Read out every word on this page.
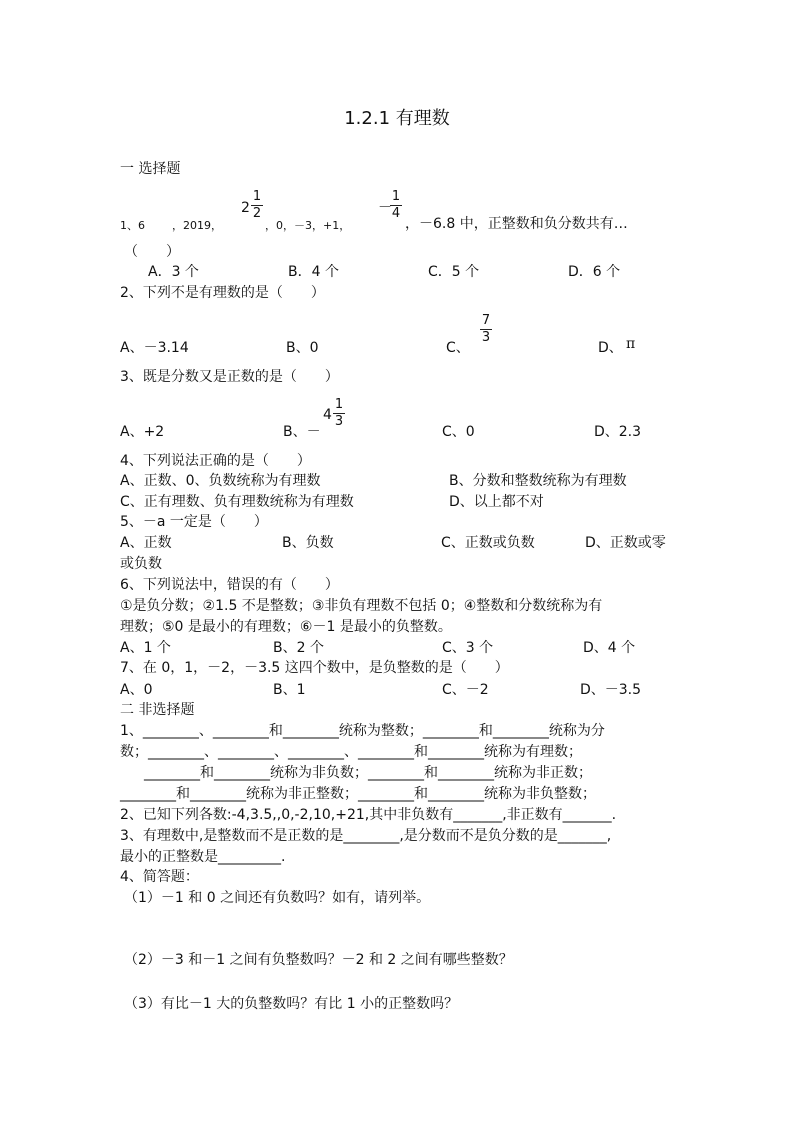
1.2.1 有理数
一 选择题
1、6 ，2019，
2
1
2
，0，－3，+1，
－
1
4
，－6.8 中，正整数和负分数共有…
（　　）
A．3 个	B．4 个	C．5 个	D．6 个
2、下列不是有理数的是（　　）
A、－3.14	B、0	C、
7
3
D、 π
3、既是分数又是正数的是（　　）
A、+2	B、－
4
1
3
C、0	D、2.3
4、下列说法正确的是（　　）
A、正数、0、负数统称为有理数	B、分数和整数统称为有理数
C、正有理数、负有理数统称为有理数	D、以上都不对
5、－a 一定是（　　）
A、正数	B、负数	C、正数或负数	D、正数或零
或负数
6、下列说法中，错误的有（　　）
①是负分数；②1.5 不是整数；③非负有理数不包括 0；④整数和分数统称为有
理数；⑤0 是最小的有理数；⑥－1 是最小的负整数。
A、1 个	B、2 个	C、3 个	D、4 个
7、在 0，1，－2，－3.5 这四个数中，是负整数的是（　　）
A、0	B、1	C、－2	D、－3.5
二 非选择题
1、________、________和________统称为整数；________和________统称为分
数；________、________、________、________和________统称为有理数；
________和________统称为非负数；________和________统称为非正数；
________和________统称为非正整数；________和________统称为非负整数；
2、已知下列各数:-4,3.5,,0,-2,10,+21,其中非负数有_______,非正数有_______.
3、有理数中,是整数而不是正数的是________,是分数而不是负分数的是_______,
最小的正整数是_________.
4、简答题：
（1）－1 和 0 之间还有负数吗？如有，请列举。
（2）－3 和－1 之间有负整数吗？－2 和 2 之间有哪些整数？
（3）有比－1 大的负整数吗？有比 1 小的正整数吗？
